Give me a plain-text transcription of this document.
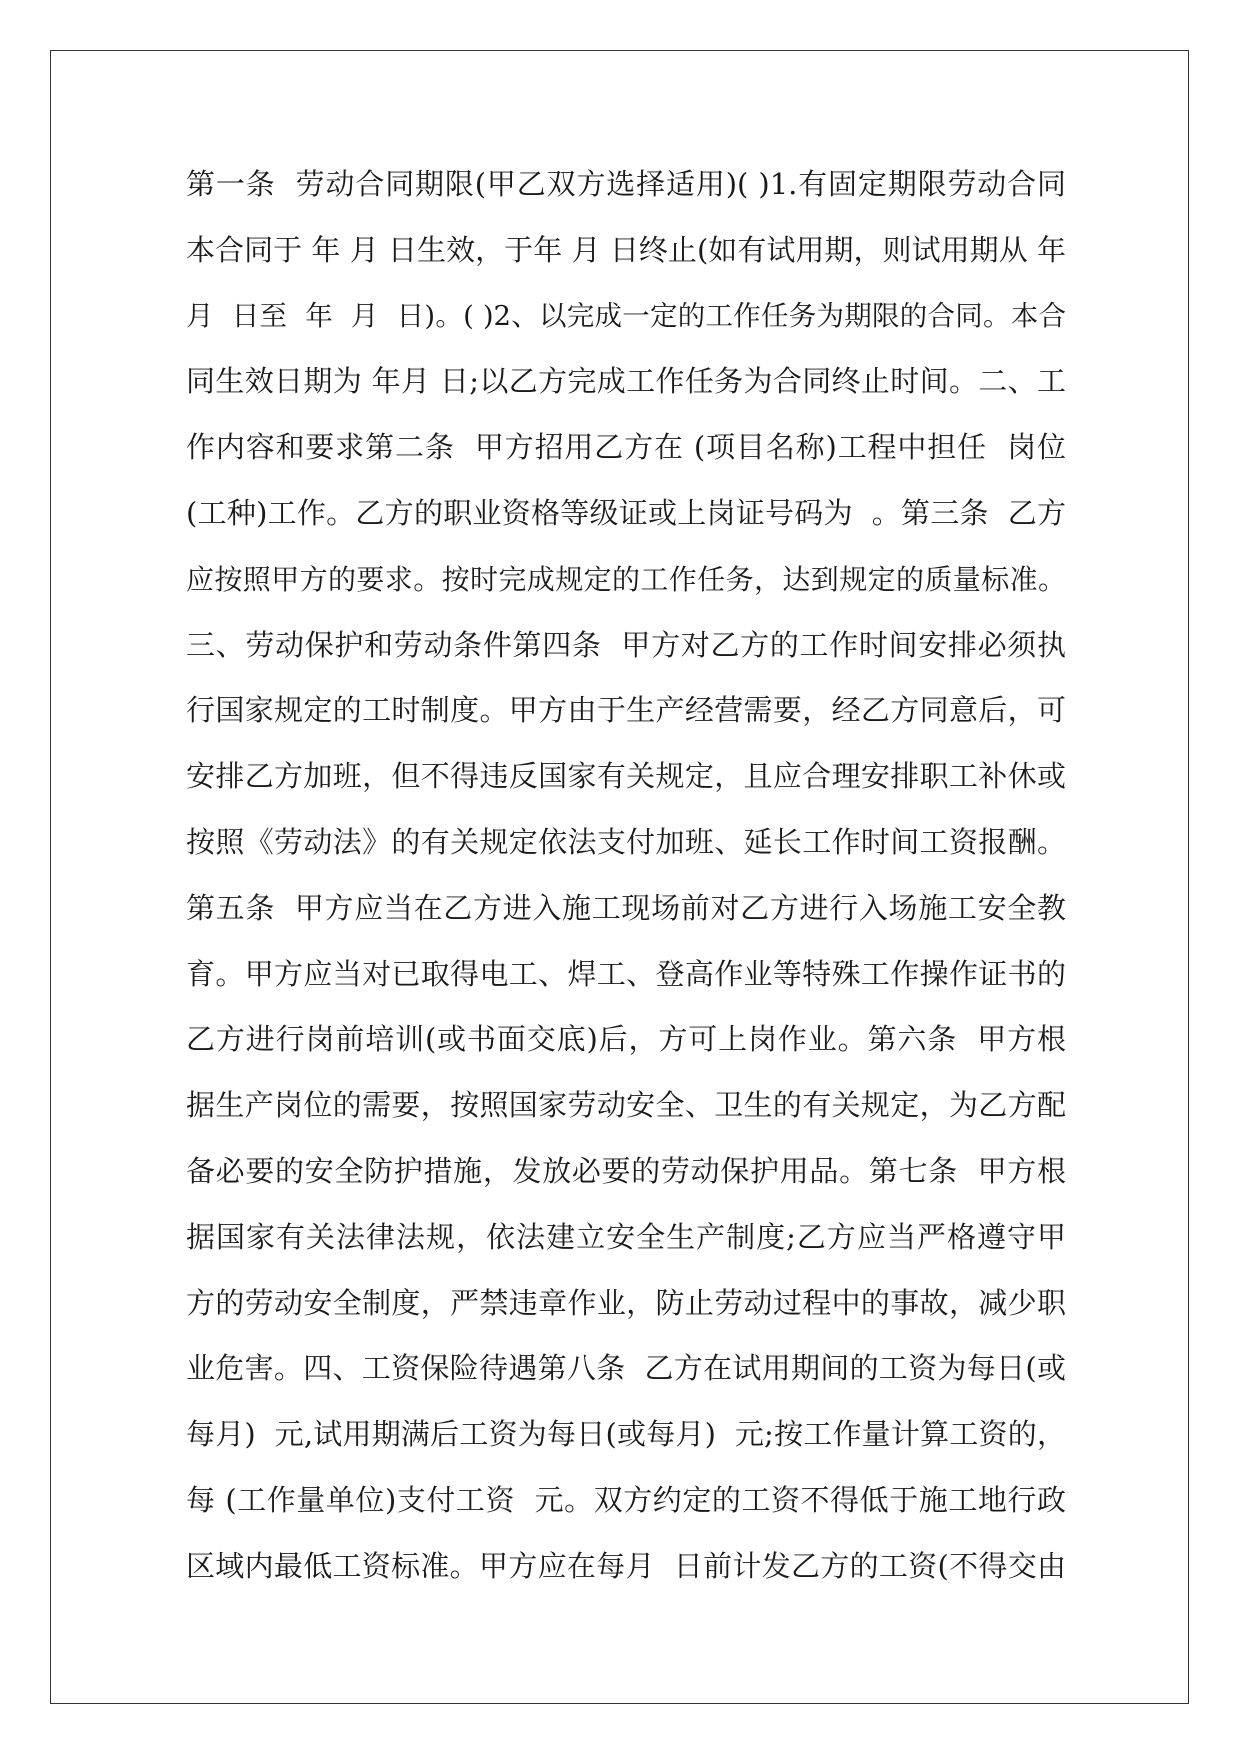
第一条  劳动合同期限(甲乙双方选择适用)( )1.有固定期限劳动合同
本合同于 年 月 日生效，于年 月 日终止(如有试用期，则试用期从 年
月  日至  年  月  日)。( )2、以完成一定的工作任务为期限的合同。本合
同生效日期为 年月 日;以乙方完成工作任务为合同终止时间。二、工
作内容和要求第二条  甲方招用乙方在 (项目名称)工程中担任  岗位
(工种)工作。乙方的职业资格等级证或上岗证号码为  。第三条  乙方
应按照甲方的要求。按时完成规定的工作任务，达到规定的质量标准。
三、劳动保护和劳动条件第四条  甲方对乙方的工作时间安排必须执
行国家规定的工时制度。甲方由于生产经营需要，经乙方同意后，可
安排乙方加班，但不得违反国家有关规定，且应合理安排职工补休或
按照《劳动法》的有关规定依法支付加班、延长工作时间工资报酬。
第五条  甲方应当在乙方进入施工现场前对乙方进行入场施工安全教
育。甲方应当对已取得电工、焊工、登高作业等特殊工作操作证书的
乙方进行岗前培训(或书面交底)后，方可上岗作业。第六条  甲方根
据生产岗位的需要，按照国家劳动安全、卫生的有关规定，为乙方配
备必要的安全防护措施，发放必要的劳动保护用品。第七条  甲方根
据国家有关法律法规，依法建立安全生产制度;乙方应当严格遵守甲
方的劳动安全制度，严禁违章作业，防止劳动过程中的事故，减少职
业危害。四、工资保险待遇第八条  乙方在试用期间的工资为每日(或
每月)  元,试用期满后工资为每日(或每月)  元;按工作量计算工资的，
每 (工作量单位)支付工资  元。双方约定的工资不得低于施工地行政
区域内最低工资标准。甲方应在每月  日前计发乙方的工资(不得交由
